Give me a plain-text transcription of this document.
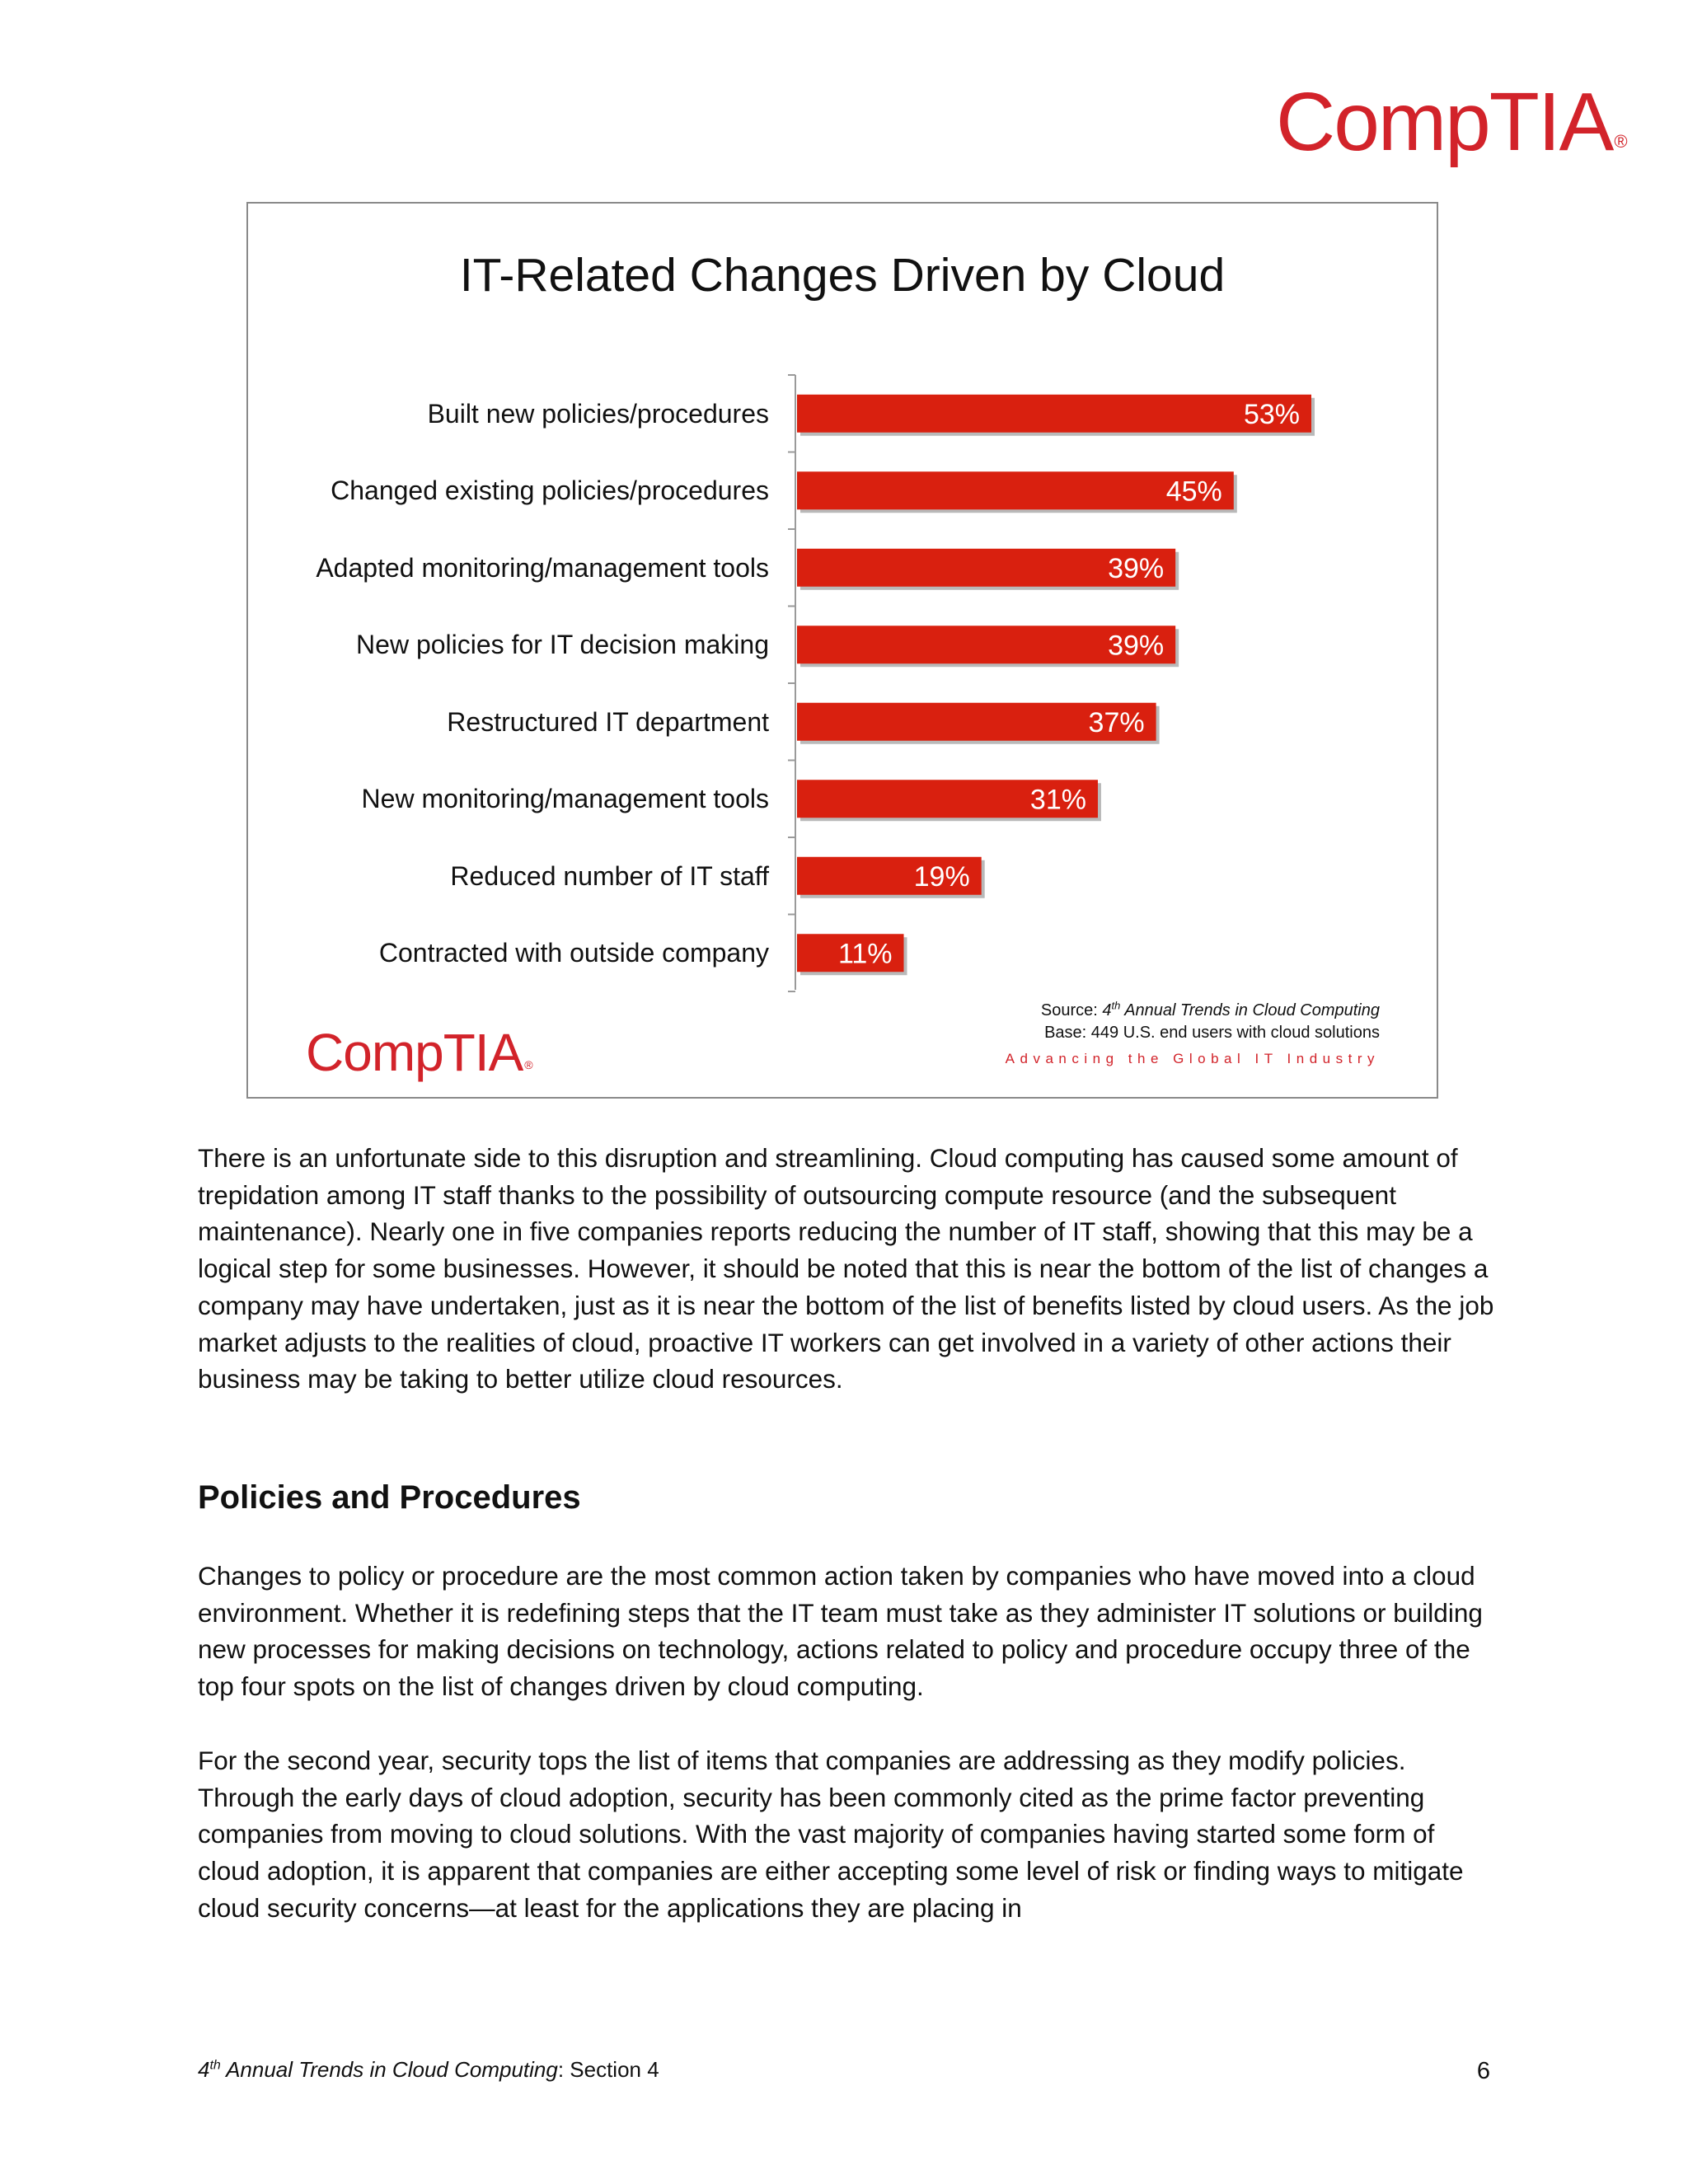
CompTIA®
IT-Related Changes Driven by Cloud
53%
45%
39%
39%
37%
31%
19%
11%
Built new policies/procedures
Changed existing policies/procedures
Adapted monitoring/management tools
New policies for IT decision making
Restructured IT department
New monitoring/management tools
Reduced number of IT staff
Contracted with outside company
CompTIA ®
Source: 4th Annual Trends in Cloud Computing
Base: 449 U.S. end users with cloud solutions
Advancing the Global IT Industry

There is an unfortunate side to this disruption and streamlining. Cloud computing has caused some amount of trepidation among IT staff thanks to the possibility of outsourcing compute resource (and the subsequent maintenance). Nearly one in five companies reports reducing the number of IT staff, showing that this may be a logical step for some businesses. However, it should be noted that this is near the bottom of the list of changes a company may have undertaken, just as it is near the bottom of the list of benefits listed by cloud users. As the job market adjusts to the realities of cloud, proactive IT workers can get involved in a variety of other actions their business may be taking to better utilize cloud resources.

Policies and Procedures

Changes to policy or procedure are the most common action taken by companies who have moved into a cloud environment. Whether it is redefining steps that the IT team must take as they administer IT solutions or building new processes for making decisions on technology, actions related to policy and procedure occupy three of the top four spots on the list of changes driven by cloud computing.

For the second year, security tops the list of items that companies are addressing as they modify policies. Through the early days of cloud adoption, security has been commonly cited as the prime factor preventing companies from moving to cloud solutions. With the vast majority of companies having started some form of cloud adoption, it is apparent that companies are either accepting some level of risk or finding ways to mitigate cloud security concerns—at least for the applications they are placing in

4th Annual Trends in Cloud Computing: Section 4	6
